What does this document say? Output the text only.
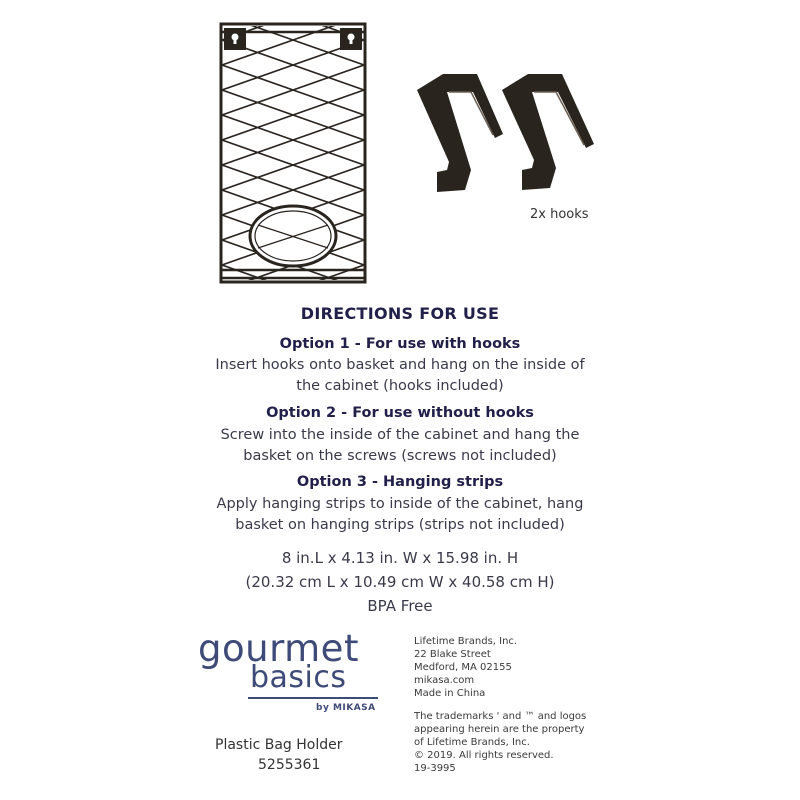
2x hooks
DIRECTIONS FOR USE
Option 1 - For use with hooks
Insert hooks onto basket and hang on the inside of
the cabinet (hooks included)
Option 2 - For use without hooks
Screw into the inside of the cabinet and hang the
basket on the screws (screws not included)
Option 3 - Hanging strips
Apply hanging strips to inside of the cabinet, hang
basket on hanging strips (strips not included)
8 in.L x 4.13 in. W x 15.98 in. H
(20.32 cm L x 10.49 cm W x 40.58 cm H)
BPA Free
gourmet
basics
by MIKASA
Plastic Bag Holder
5255361
Lifetime Brands, Inc.
22 Blake Street
Medford, MA 02155
mikasa.com
Made in China
The trademarks ' and ™ and logos
appearing herein are the property
of Lifetime Brands, Inc.
© 2019. All rights reserved.
19-3995
